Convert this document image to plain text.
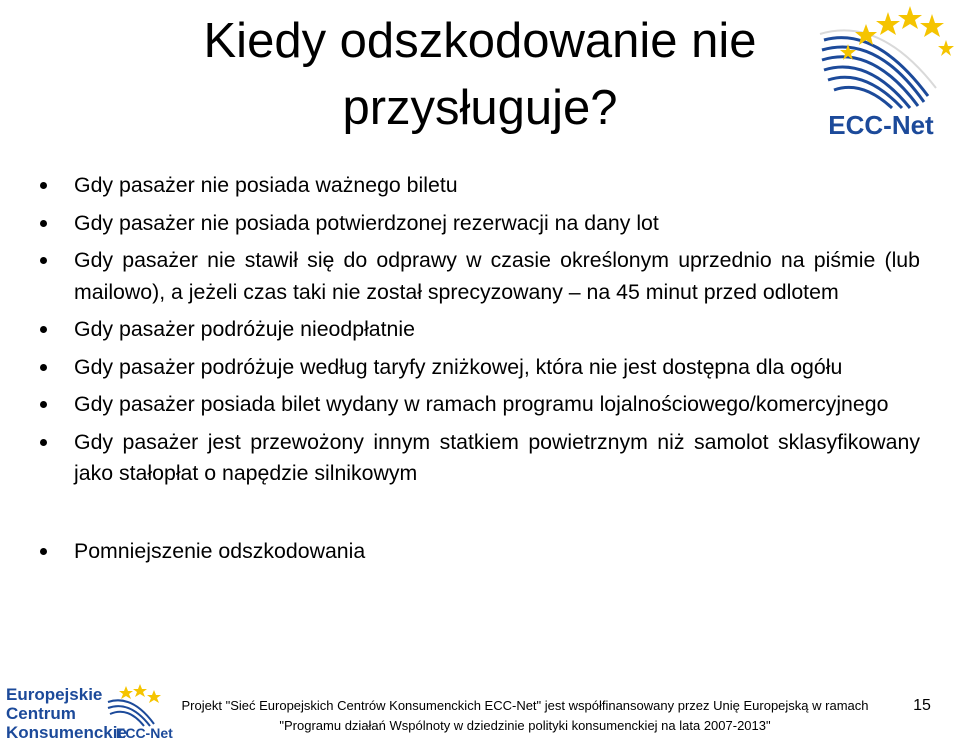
Kiedy odszkodowanie nie
przysługuje?	ECC-Net
Gdy pasażer nie posiada ważnego biletu
Gdy pasażer nie posiada potwierdzonej rezerwacji na dany lot
Gdy pasażer nie stawił się do odprawy w czasie określonym uprzednio na piśmie (lub mailowo), a jeżeli czas taki nie został sprecyzowany – na 45 minut przed odlotem
Gdy pasażer podróżuje nieodpłatnie
Gdy pasażer podróżuje według taryfy zniżkowej, która nie jest dostępna dla ogółu
Gdy pasażer posiada bilet wydany w ramach programu lojalnościowego/komercyjnego
Gdy pasażer jest przewożony innym statkiem powietrznym niż samolot sklasyfikowany jako stałopłat o napędzie silnikowym
Pomniejszenie odszkodowania
Europejskie
Centrum
Konsumenckie
ECC-Net
Projekt "Sieć Europejskich Centrów Konsumenckich ECC-Net" jest współfinansowany przez Unię Europejską w ramach
"Programu działań Wspólnoty w dziedzinie polityki konsumenckiej na lata 2007-2013"
15
